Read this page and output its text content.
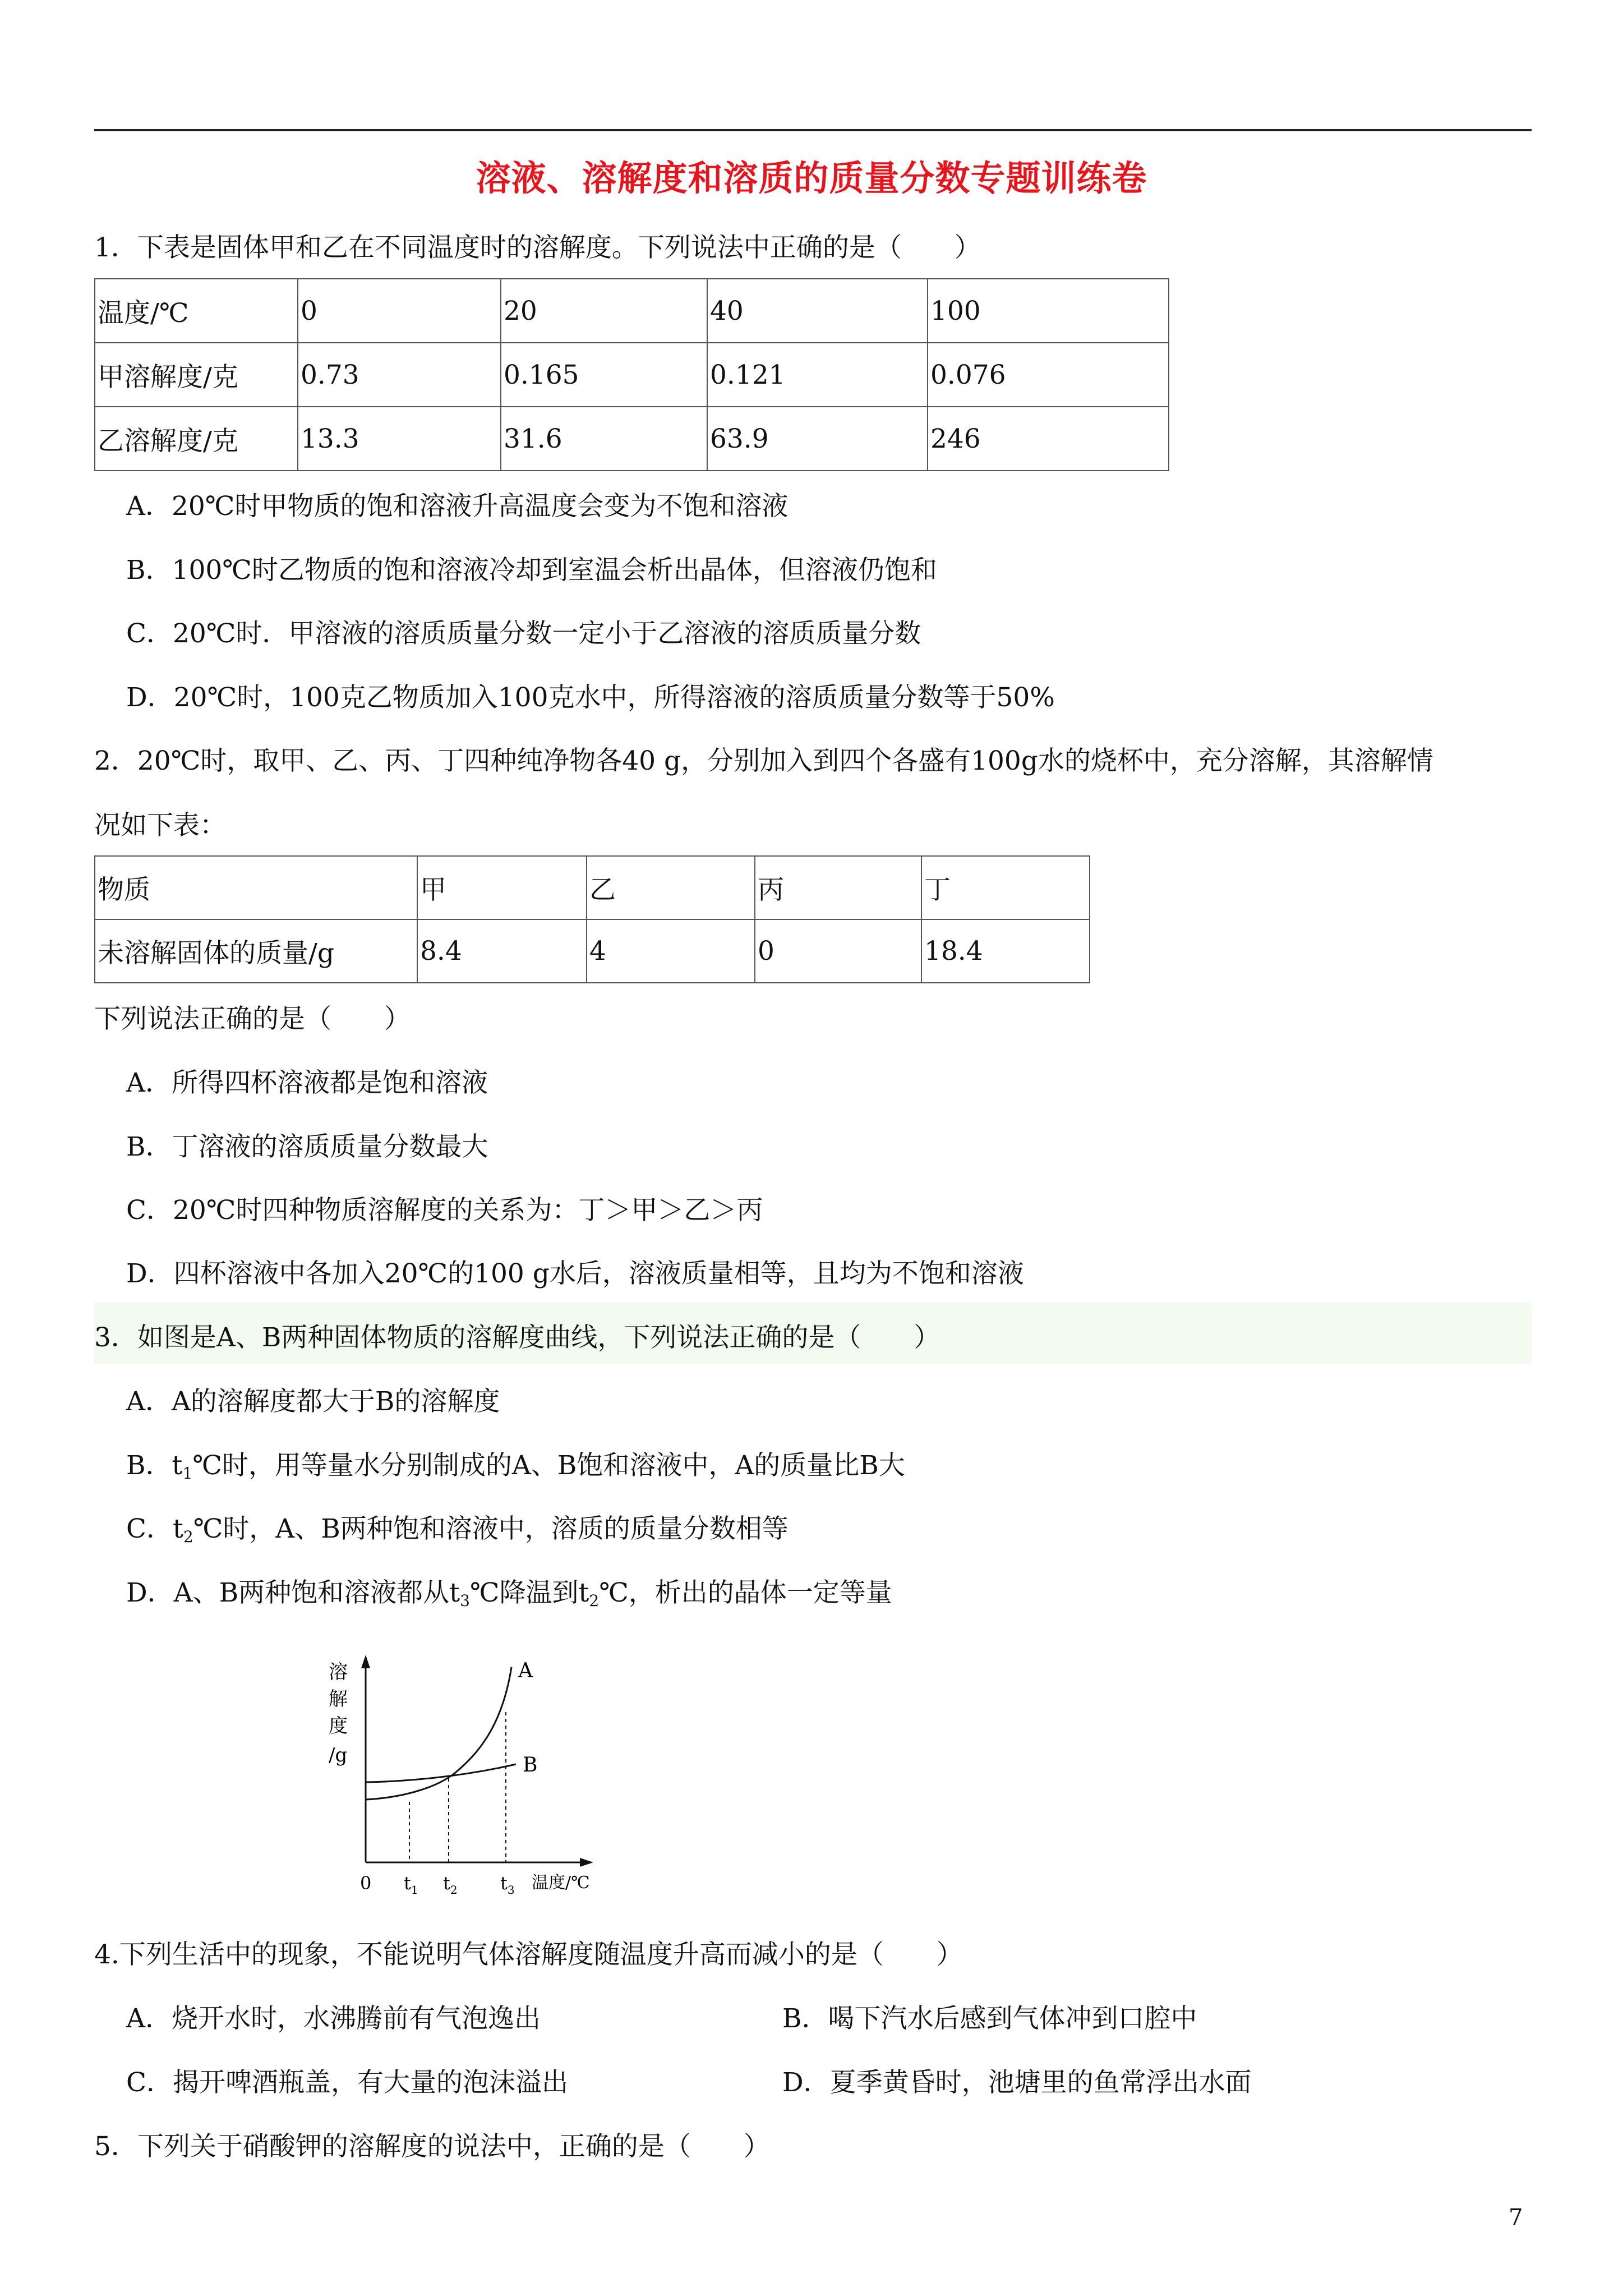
溶液、溶解度和溶质的质量分数专题训练卷
1．下表是固体甲和乙在不同温度时的溶解度。下列说法中正确的是（　　）
温度/℃	0	20	40	100
甲溶解度/克	0.73	0.165	0.121	0.076
乙溶解度/克	13.3	31.6	63.9	246
A．20℃时甲物质的饱和溶液升高温度会变为不饱和溶液
B．100℃时乙物质的饱和溶液冷却到室温会析出晶体，但溶液仍饱和
C．20℃时．甲溶液的溶质质量分数一定小于乙溶液的溶质质量分数
D．20℃时，100克乙物质加入100克水中，所得溶液的溶质质量分数等于50%
2．20℃时，取甲、乙、丙、丁四种纯净物各40 g，分别加入到四个各盛有100g水的烧杯中，充分溶解，其溶解情
况如下表：
物质	甲	乙	丙	丁
未溶解固体的质量/g	8.4	4	0	18.4
下列说法正确的是（　　）
A．所得四杯溶液都是饱和溶液
B．丁溶液的溶质质量分数最大
C．20℃时四种物质溶解度的关系为：丁＞甲＞乙＞丙
D．四杯溶液中各加入20℃的100 g水后，溶液质量相等，且均为不饱和溶液
3．如图是A、B两种固体物质的溶解度曲线，下列说法正确的是（　　）
A．A的溶解度都大于B的溶解度
B．$t_1℃$时，用等量水分别制成的A、B饱和溶液中，A的质量比B大
C．$t_2℃$时，A、B两种饱和溶液中，溶质的质量分数相等
D．A、B两种饱和溶液都从$t_3℃$降温到$t_2℃$，析出的晶体一定等量
溶
解
度
/g
A
B
0 $t_1$ $t_2$ $t_3$ 温度/℃
4.下列生活中的现象，不能说明气体溶解度随温度升高而减小的是（　　）
A．烧开水时，水沸腾前有气泡逸出	B．喝下汽水后感到气体冲到口腔中
C．揭开啤酒瓶盖，有大量的泡沫溢出	D．夏季黄昏时，池塘里的鱼常浮出水面
5．下列关于硝酸钾的溶解度的说法中，正确的是（　　）
7
